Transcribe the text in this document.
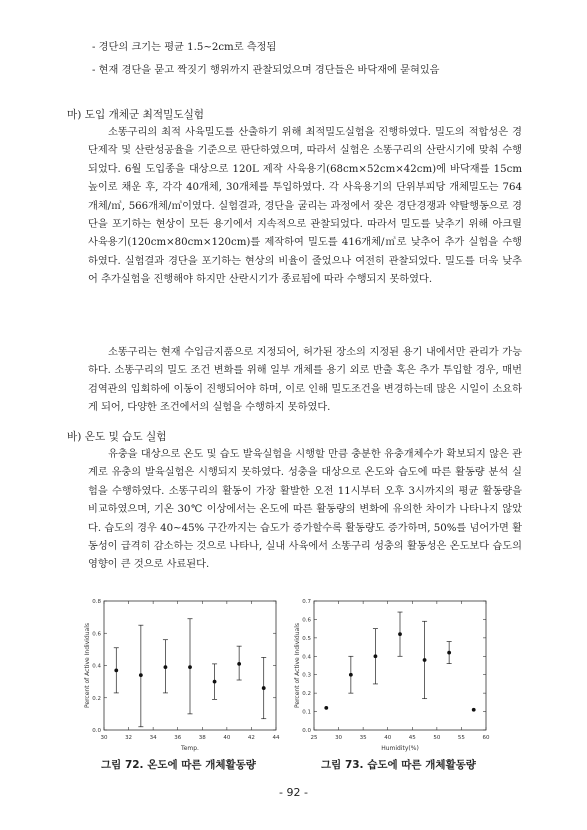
- 경단의 크기는 평균 1.5~2cm로 측정됨
- 현재 경단을 묻고 짝짓기 행위까지 관찰되었으며 경단들은 바닥재에 묻혀있음
마) 도입 개체군 최적밀도실험

소똥구리의 최적 사육밀도를 산출하기 위해 최적밀도실험을 진행하였다. 밀도의 적합성은 경단제작 및 산란성공율을 기준으로 판단하였으며, 따라서 실험은 소똥구리의 산란시기에 맞춰 수행되었다. 6월 도입종을 대상으로 120L 제작 사육용기(68cm×52cm×42cm)에 바닥재를 15cm 높이로 채운 후, 각각 40개체, 30개체를 투입하였다. 각 사육용기의 단위부피당 개체밀도는 764개체/㎥, 566개체/㎥이였다. 실험결과, 경단을 굴리는 과정에서 잦은 경단경쟁과 약탈행동으로 경단을 포기하는 현상이 모든 용기에서 지속적으로 관찰되었다. 따라서 밀도를 낮추기 위해 아크릴 사육용기(120cm×80cm×120cm)를 제작하여 밀도를 416개체/㎥로 낮추어 추가 실험을 수행하였다. 실험결과 경단을 포기하는 현상의 비율이 줄었으나 여전히 관찰되었다. 밀도를 더욱 낮추어 추가실험을 진행해야 하지만 산란시기가 종료됨에 따라 수행되지 못하였다.

소똥구리는 현재 수입금지품으로 지정되어, 허가된 장소의 지정된 용기 내에서만 관리가 가능하다. 소똥구리의 밀도 조건 변화를 위해 일부 개체를 용기 외로 반출 혹은 추가 투입할 경우, 매번 검역관의 입회하에 이동이 진행되어야 하며, 이로 인해 밀도조건을 변경하는데 많은 시일이 소요하게 되어, 다양한 조건에서의 실험을 수행하지 못하였다.

바) 온도 및 습도 실험

유충을 대상으로 온도 및 습도 발육실험을 시행할 만큼 충분한 유충개체수가 확보되지 않은 관계로 유충의 발육실험은 시행되지 못하였다. 성충을 대상으로 온도와 습도에 따른 활동량 분석 실험을 수행하였다. 소똥구리의 활동이 가장 활발한 오전 11시부터 오후 3시까지의 평균 활동량을 비교하였으며, 기온 30℃ 이상에서는 온도에 따른 활동량의 변화에 유의한 차이가 나타나지 않았다. 습도의 경우 40~45% 구간까지는 습도가 증가할수록 활동량도 증가하며, 50%를 넘어가면 활동성이 급격히 감소하는 것으로 나타나, 실내 사육에서 소똥구리 성충의 활동성은 온도보다 습도의 영향이 큰 것으로 사료된다.

0.0
0.2
0.4
0.6
0.8
30	32	34	36	38	40	42	44
Temp.
Percent of Active Individuals
0.0
0.1
0.2
0.3
0.4
0.5
0.6
0.7
25	30	35	40	45	50	55	60
Humidity(%)
Percent of Active Individuals
그림 72. 온도에 따른 개체활동량	그림 73. 습도에 따른 개체활동량
- 92 -
